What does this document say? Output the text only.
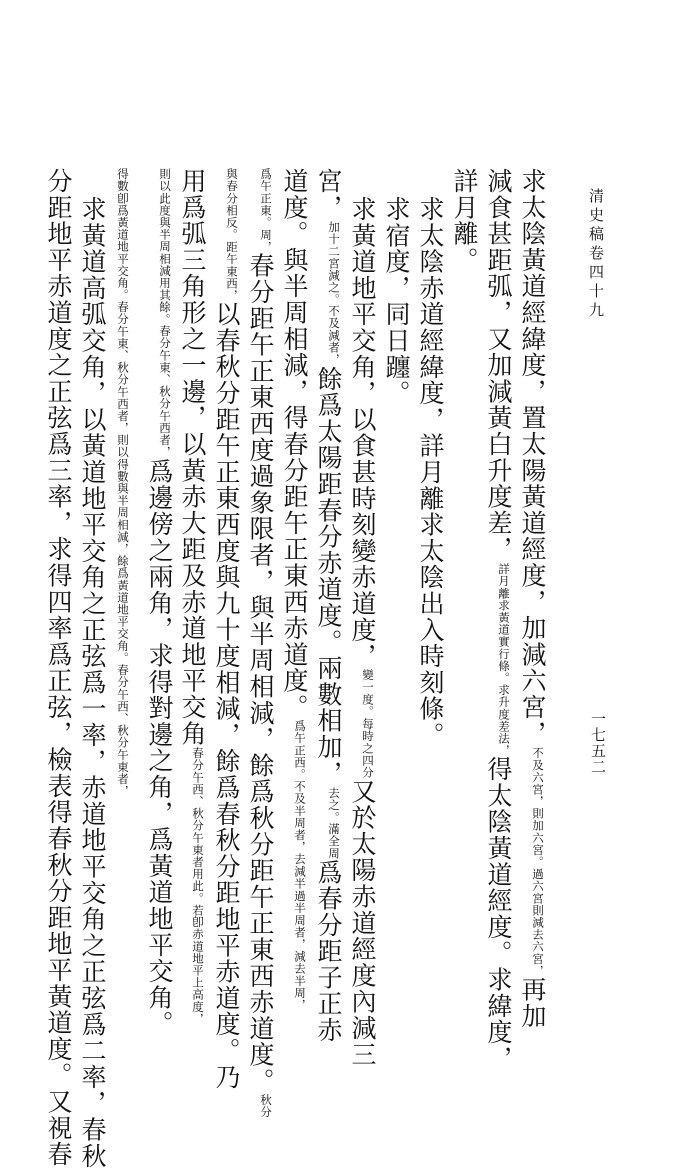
清史稿卷四十九
一七五二
求太陰黃道經緯度，置太陽黃道經度，加減六宮，
過六宮則減去六宮，
不及六宮，則加六宮。
再加
減食甚距弧，又加減黃白升度差，
求升度差法，
詳月離求黃道實行條。
得太陰黃道經度。求緯度，
詳月離。
求太陰赤道經緯度，詳月離求太陰出入時刻條。
求宿度，同日躔。
求黃道地平交角，以食甚時刻變赤道度，
每時之四分
變一度。
又於太陽赤道經度內減三
宮，
不及減者，
加十二宮減之。
餘爲太陽距春分赤道度。兩數相加，
滿全周
去之。
爲春分距子正赤
道度。與半周相減，得春分距午正東西赤道度。
過半周者，減去半周，
爲午正西。不及半周者，去減半
周，
爲午正東。
春分距午正東西度過象限者，與半周相減，餘爲秋分距午正東西赤道度。
秋分
距午東西，
與春分相反。
以春秋分距午正東西度與九十度相減，餘爲春秋分距地平赤道度。乃
用爲弧三角形之一邊，以黃赤大距及赤道地平交角
卽赤道地平上高度，
春分午西、秋分午東者用此。若
春分午東、秋分午西者，
則以此度與半周相減用其餘。
爲邊傍之兩角，求得對邊之角，爲黃道地平交角。
春分午東、秋分午西者，
得數卽爲黃道地平交角。
春分午西、秋分午東者，
則以得數與半周相減，餘爲黃道地平交角。
求黃道高弧交角，以黃道地平交角之正弦爲一率，赤道地平交角之正弦爲二率，春秋
分距地平赤道度之正弦爲三率，求得四率爲正弦，檢表得春秋分距地平黃道度。又視春
